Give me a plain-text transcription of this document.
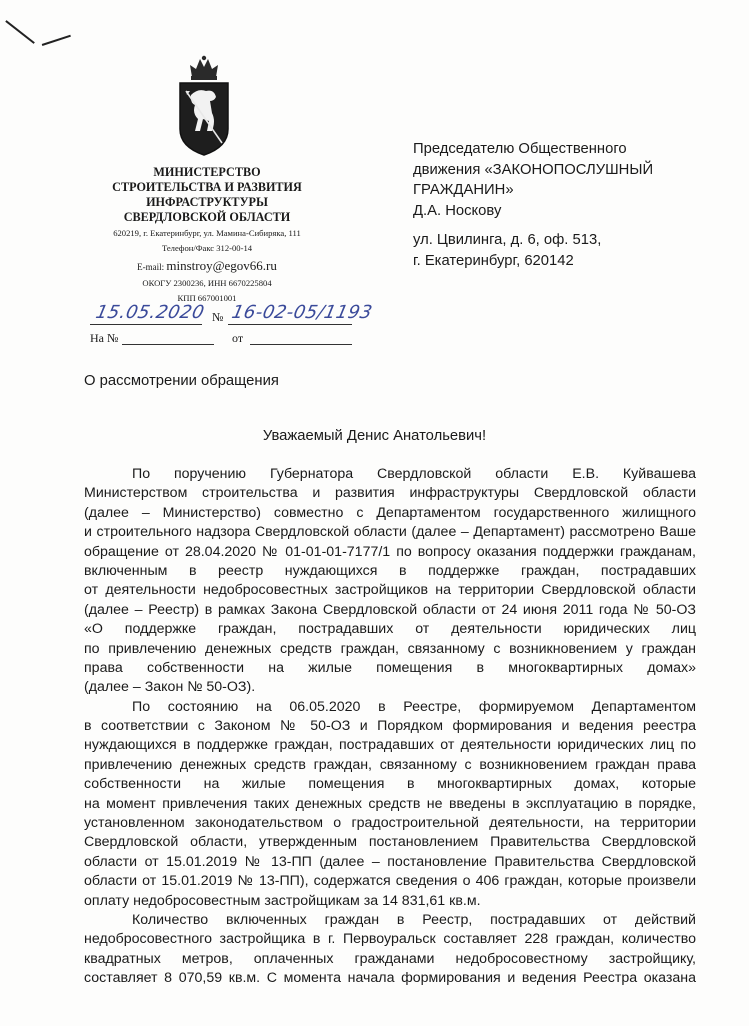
МИНИСТЕРСТВО
СТРОИТЕЛЬСТВА И РАЗВИТИЯ
ИНФРАСТРУКТУРЫ
СВЕРДЛОВСКОЙ ОБЛАСТИ
620219, г. Екатеринбург, ул. Мамина-Сибиряка, 111
Телефон/Факс 312-00-14
E-mail: minstroy@egov66.ru
ОКОГУ 2300236, ИНН 6670225804
КПП 667001001
15.05.2020 № 16-02-05/1193
На №	от
Председателю Общественного
движения «ЗАКОНОПОСЛУШНЫЙ
ГРАЖДАНИН»
Д.А. Носкову
ул. Цвилинга, д. 6, оф. 513,
г. Екатеринбург, 620142
О рассмотрении обращения
Уважаемый Денис Анатольевич!
По поручению Губернатора Свердловской области Е.В. Куйвашева
Министерством строительства и развития инфраструктуры Свердловской области
(далее – Министерство) совместно с Департаментом государственного жилищного
и строительного надзора Свердловской области (далее – Департамент) рассмотрено Ваше
обращение от 28.04.2020 № 01-01-01-7177/1 по вопросу оказания поддержки гражданам,
включенным в реестр нуждающихся в поддержке граждан, пострадавших
от деятельности недобросовестных застройщиков на территории Свердловской области
(далее – Реестр) в рамках Закона Свердловской области от 24 июня 2011 года № 50-ОЗ
«О поддержке граждан, пострадавших от деятельности юридических лиц
по привлечению денежных средств граждан, связанному с возникновением у граждан
права собственности на жилые помещения в многоквартирных домах»
(далее – Закон № 50-ОЗ).
По состоянию на 06.05.2020 в Реестре, формируемом Департаментом
в соответствии с Законом № 50-ОЗ и Порядком формирования и ведения реестра
нуждающихся в поддержке граждан, пострадавших от деятельности юридических лиц по
привлечению денежных средств граждан, связанному с возникновением граждан права
собственности на жилые помещения в многоквартирных домах, которые
на момент привлечения таких денежных средств не введены в эксплуатацию в порядке,
установленном законодательством о градостроительной деятельности, на территории
Свердловской области, утвержденным постановлением Правительства Свердловской
области от 15.01.2019 № 13-ПП (далее – постановление Правительства Свердловской
области от 15.01.2019 № 13-ПП), содержатся сведения о 406 граждан, которые произвели
оплату недобросовестным застройщикам за 14 831,61 кв.м.
Количество включенных граждан в Реестр, пострадавших от действий
недобросовестного застройщика в г. Первоуральск составляет 228 граждан, количество
квадратных метров, оплаченных гражданами недобросовестному застройщику,
составляет 8 070,59 кв.м. С момента начала формирования и ведения Реестра оказана
